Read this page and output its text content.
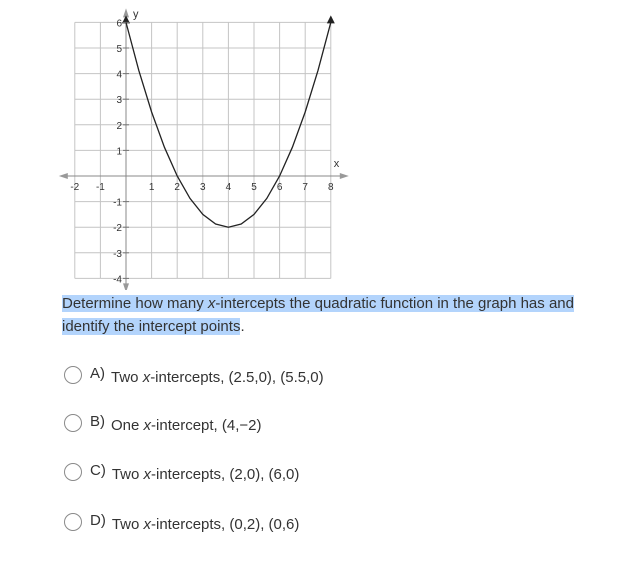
x
y
-2 -1	1 2 3 4 5 6 7 8
6
5
4
3
2
1
-1
-2
-3
-4
Determine how many x-intercepts the quadratic function in the graph has and identify the intercept points.
A) Two x-intercepts, (2.5,0), (5.5,0)
B) One x-intercept, (4,−2)
C) Two x-intercepts, (2,0), (6,0)
D) Two x-intercepts, (0,2), (0,6)
